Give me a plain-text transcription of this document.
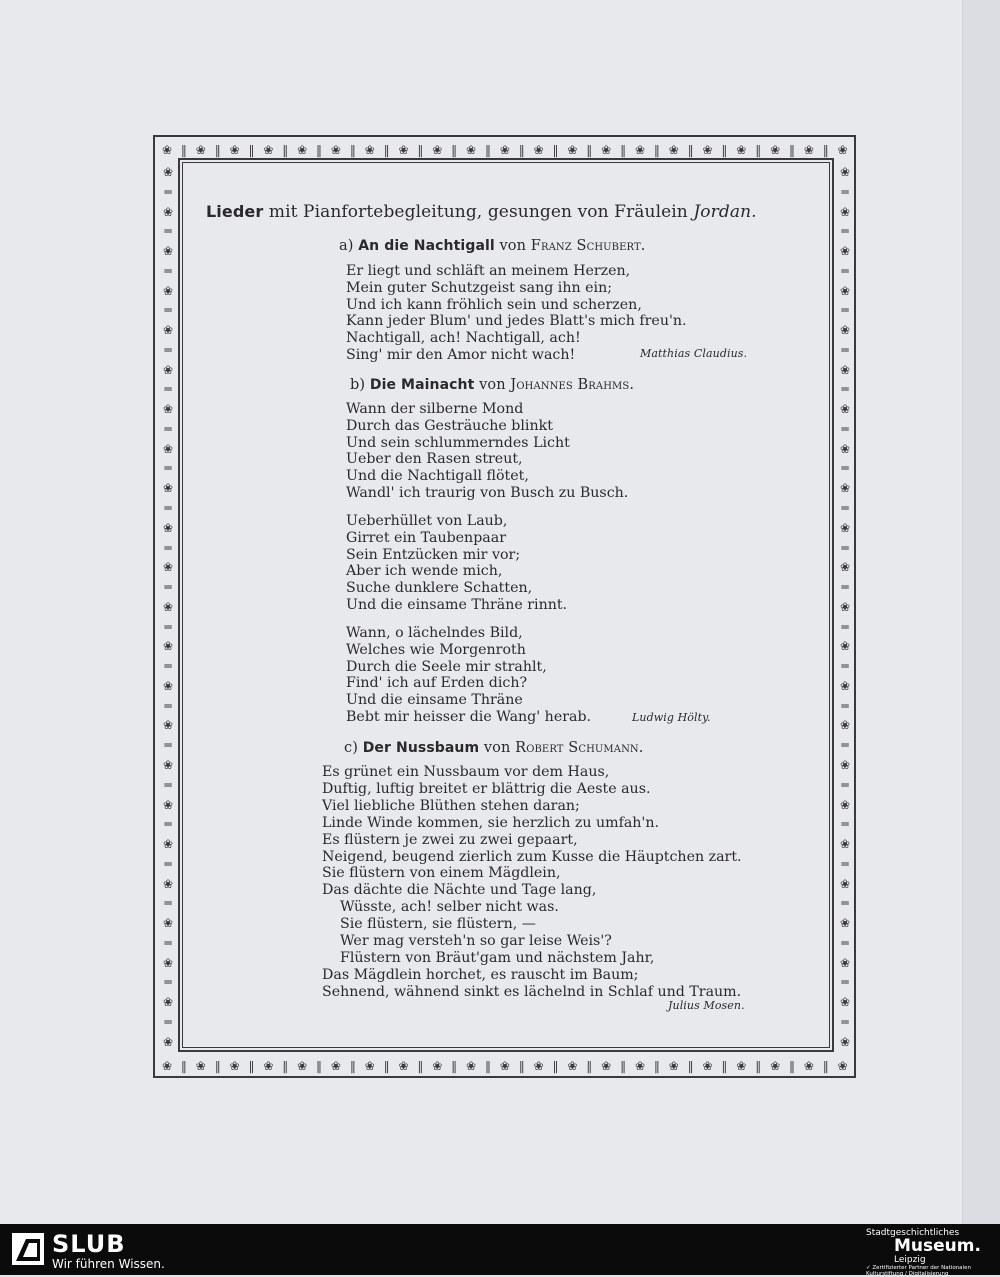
❀ ‖ ❀ ‖ ❀ ‖ ❀ ‖ ❀ ‖ ❀ ‖ ❀ ‖ ❀ ‖ ❀ ‖ ❀ ‖ ❀ ‖ ❀ ‖ ❀ ‖ ❀ ‖ ❀ ‖ ❀ ‖ ❀ ‖ ❀ ‖ ❀ ‖ ❀ ‖ ❀
❀ ‖ ❀ ‖ ❀ ‖ ❀ ‖ ❀ ‖ ❀ ‖ ❀ ‖ ❀ ‖ ❀ ‖ ❀ ‖ ❀ ‖ ❀ ‖ ❀ ‖ ❀ ‖ ❀ ‖ ❀ ‖ ❀ ‖ ❀ ‖ ❀ ‖ ❀ ‖ ❀
❀
═
❀
═
❀
═
❀
═
❀
═
❀
═
❀
═
❀
═
❀
═
❀
═
❀
═
❀
═
❀
═
❀
═
❀
═
❀
═
❀
═
❀
═
❀
═
❀
═
❀
═
❀
═
❀
❀
═
❀
═
❀
═
❀
═
❀
═
❀
═
❀
═
❀
═
❀
═
❀
═
❀
═
❀
═
❀
═
❀
═
❀
═
❀
═
❀
═
❀
═
❀
═
❀
═
❀
═
❀
═
❀
Lieder mit Pianfortebegleitung, gesungen von Fräulein Jordan.
a) An die Nachtigall von Franz Schubert.
Er liegt und schläft an meinem Herzen,
Mein guter Schutzgeist sang ihn ein;
Und ich kann fröhlich sein und scherzen,
Kann jeder Blum' und jedes Blatt's mich freu'n.
Nachtigall, ach! Nachtigall, ach!
Sing' mir den Amor nicht wach!	Matthias Claudius.
b) Die Mainacht von Johannes Brahms.
Wann der silberne Mond
Durch das Gesträuche blinkt
Und sein schlummerndes Licht
Ueber den Rasen streut,
Und die Nachtigall flötet,
Wandl' ich traurig von Busch zu Busch.
Ueberhüllet von Laub,
Girret ein Taubenpaar
Sein Entzücken mir vor;
Aber ich wende mich,
Suche dunklere Schatten,
Und die einsame Thräne rinnt.
Wann, o lächelndes Bild,
Welches wie Morgenroth
Durch die Seele mir strahlt,
Find' ich auf Erden dich?
Und die einsame Thräne
Bebt mir heisser die Wang' herab.	Ludwig Hölty.
c) Der Nussbaum von Robert Schumann.
Es grünet ein Nussbaum vor dem Haus,
Duftig, luftig breitet er blättrig die Aeste aus.
Viel liebliche Blüthen stehen daran;
Linde Winde kommen, sie herzlich zu umfah'n.
Es flüstern je zwei zu zwei gepaart,
Neigend, beugend zierlich zum Kusse die Häuptchen zart.
Sie flüstern von einem Mägdlein,
Das dächte die Nächte und Tage lang,
Wüsste, ach! selber nicht was.
Sie flüstern, sie flüstern, —
Wer mag versteh'n so gar leise Weis'?
Flüstern von Bräut'gam und nächstem Jahr,
Das Mägdlein horchet, es rauscht im Baum;
Sehnend, wähnend sinkt es lächelnd in Schlaf und Traum.
Julius Mosen.
SLUB
Wir führen Wissen.
Stadtgeschichtliches
Museum.
Leipzig
✓ Zertifizierter Partner der Nationalen Kulturstiftung / Digitalisierung
